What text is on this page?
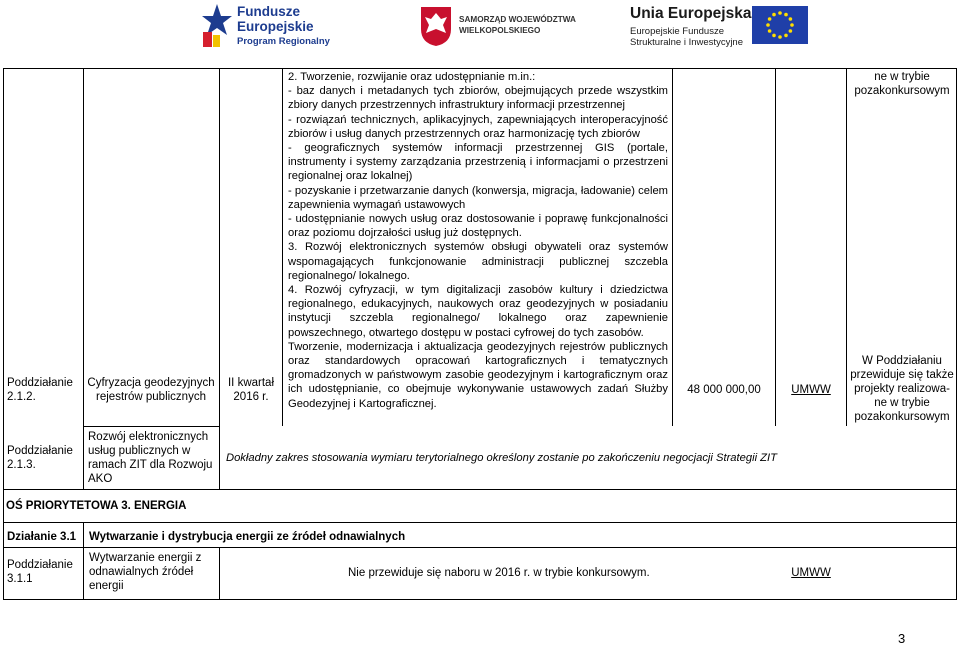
Fundusze
Europejskie
Program Regionalny
SAMORZĄD WOJEWÓDZTWA
WIELKOPOLSKIEGO
Unia Europejska
Europejskie Fundusze
Strukturalne i Inwestycyjne
Poddziałanie 2.1.2.
Poddziałanie 2.1.3.
Cyfryzacja geodezyjnych rejestrów publicznych
Rozwój elektronicznych usług publicznych w ramach ZIT dla Rozwoju AKO
II kwartał 2016 r.

2. Tworzenie, rozwijanie oraz udostępnianie m.in.:

- baz danych i metadanych tych zbiorów, obejmujących przede wszystkim zbiory danych przestrzennych infrastruktury informacji przestrzennej

- rozwiązań technicznych, aplikacyjnych, zapewniających interoperacyjność zbiorów i usług danych przestrzennych oraz harmonizację tych zbiorów

- geograficznych systemów informacji przestrzennej GIS (portale, instrumenty i systemy zarządzania przestrzenią i informacjami o przestrzeni regionalnej oraz lokalnej)

- pozyskanie i przetwarzanie danych (konwersja, migracja, ładowanie) celem zapewnienia wymagań ustawowych

- udostępnianie nowych usług oraz dostosowanie i poprawę funkcjonalności oraz poziomu dojrzałości usług już dostępnych.

3. Rozwój elektronicznych systemów obsługi obywateli oraz systemów wspomagających funkcjonowanie administracji publicznej szczebla regionalnego/ lokalnego.

4. Rozwój cyfryzacji, w tym digitalizacji zasobów kultury i dziedzictwa regionalnego, edukacyjnych, naukowych oraz geodezyjnych w posiadaniu instytucji szczebla regionalnego/ lokalnego oraz zapewnienie powszechnego, otwartego dostępu w postaci cyfrowej do tych zasobów.

Tworzenie, modernizacja i aktualizacja geodezyjnych rejestrów publicznych oraz standardowych opracowań kartograficznych i tematycznych gromadzonych w państwowym zasobie geodezyjnym i kartograficznym oraz ich udostępnianie, co obejmuje wykonywanie ustawowych zadań Służby Geodezyjnej i Kartograficznej.

48 000 000,00	UMWW
ne w trybie pozakonkursowym
W Poddziałaniu przewiduje się także projekty realizowa-ne w trybie pozakonkursowym
Dokładny zakres stosowania wymiaru terytorialnego określony zostanie po zakończeniu negocjacji Strategii ZIT
OŚ PRIORYTETOWA 3. ENERGIA
Działanie 3.1 Wytwarzanie i dystrybucja energii ze źródeł odnawialnych
Poddziałanie 3.1.1
Wytwarzanie energii z odnawialnych źródeł energii
Nie przewiduje się naboru w 2016 r. w trybie konkursowym.	UMWW
3
